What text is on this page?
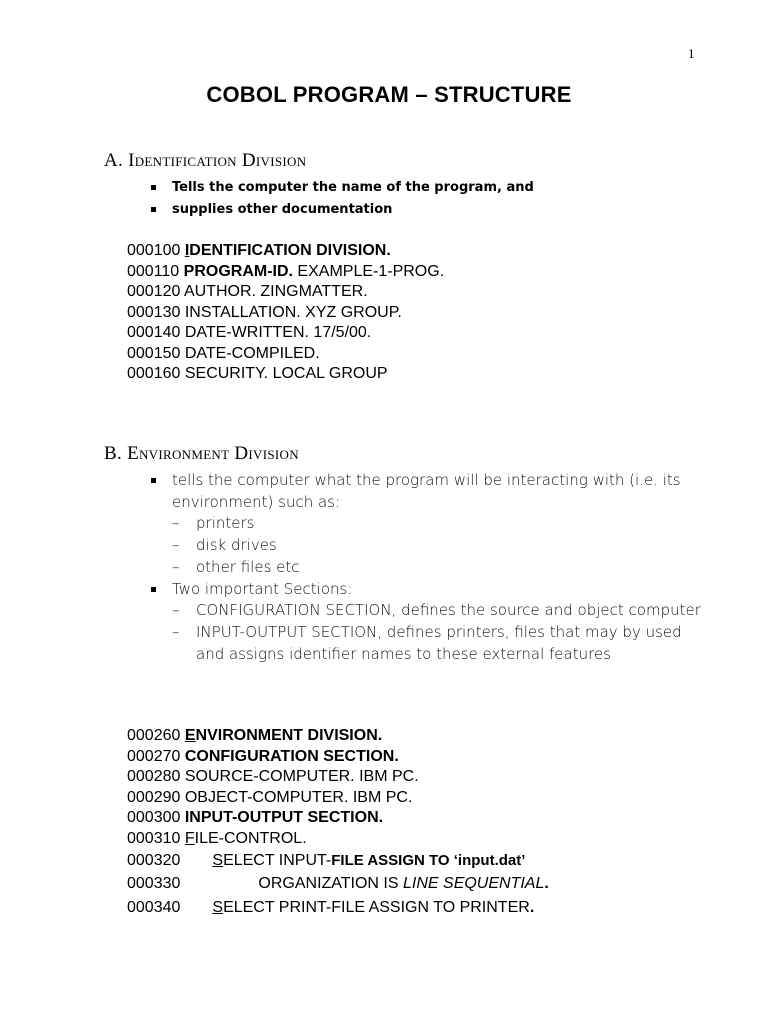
1
COBOL PROGRAM – STRUCTURE
A. Identification Division
Tells the computer the name of the program, and
supplies other documentation
000100 IDENTIFICATION DIVISION.
000110 PROGRAM-ID. EXAMPLE-1-PROG.
000120 AUTHOR. ZINGMATTER.
000130 INSTALLATION. XYZ GROUP.
000140 DATE-WRITTEN. 17/5/00.
000150 DATE-COMPILED.
000160 SECURITY. LOCAL GROUP
B. Environment Division
tells the computer what the program will be interacting with (i.e. its environment) such as:
– printers
– disk drives
– other files etc
Two important Sections:
– CONFIGURATION SECTION, defines the source and object computer
– INPUT-OUTPUT SECTION, defines printers, files that may by used and assigns identifier names to these external features
000260 ENVIRONMENT DIVISION.
000270 CONFIGURATION SECTION.
000280 SOURCE-COMPUTER. IBM PC.
000290 OBJECT-COMPUTER. IBM PC.
000300 INPUT-OUTPUT SECTION.
000310 FILE-CONTROL.
000320 SELECT INPUT-FILE ASSIGN TO ‘input.dat’
000330	ORGANIZATION IS LINE SEQUENTIAL.
000340 SELECT PRINT-FILE ASSIGN TO PRINTER.
